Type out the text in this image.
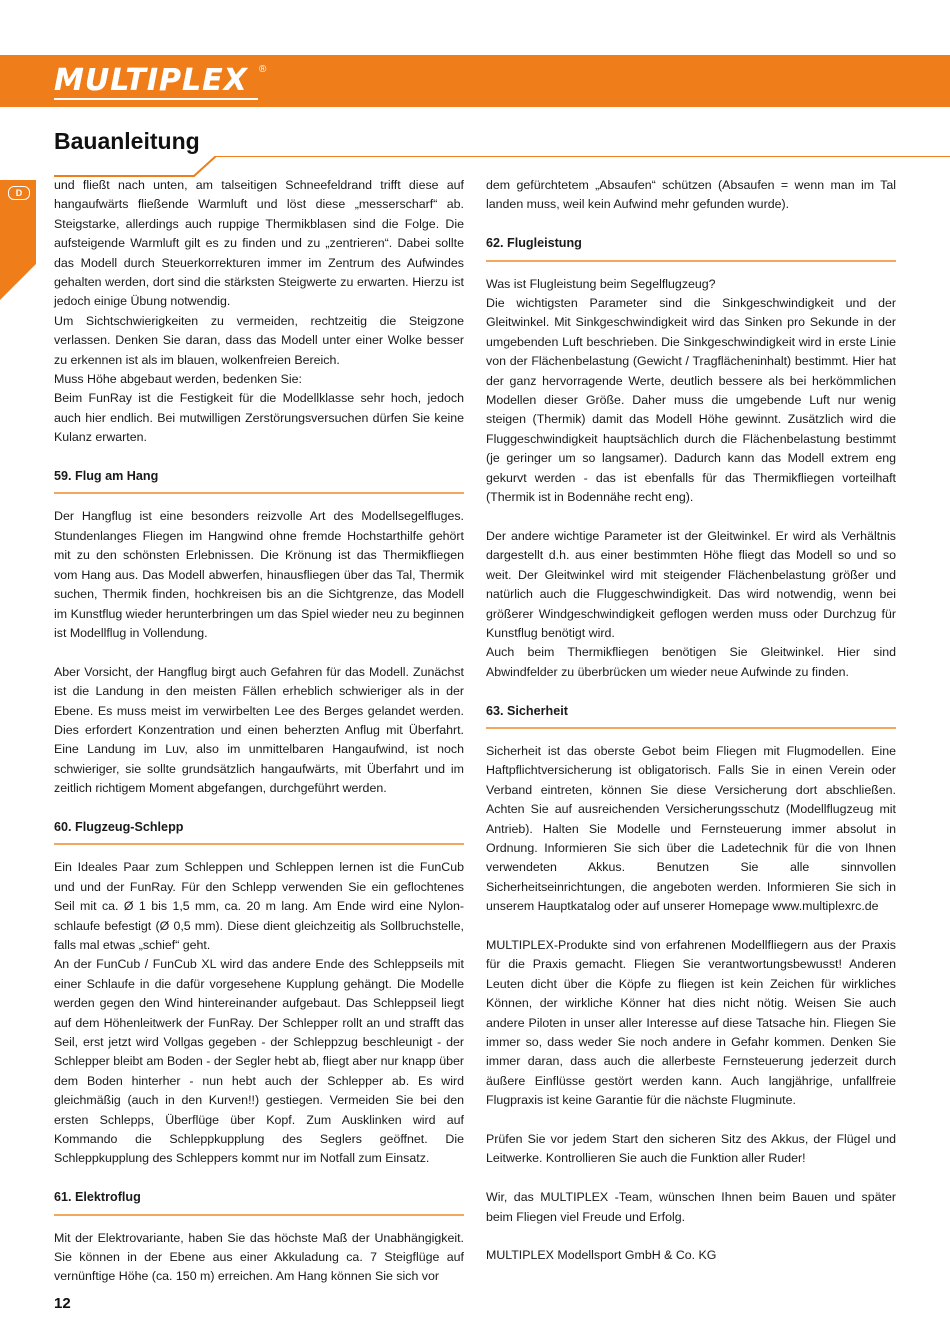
MULTIPLEX ®
Bauanleitung
D

und fließt nach unten, am talseitigen Schneefeldrand trifft diese auf hangaufwärts fließende Warmluft und löst diese „messerscharf“ ab. Steigstarke, allerdings auch ruppige Thermikblasen sind die Folge. Die aufsteigende Warmluft gilt es zu finden und zu „zentrieren“. Dabei sollte das Modell durch Steuerkorrekturen immer im Zentrum des Aufwindes gehalten werden, dort sind die stärksten Steigwerte zu erwarten. Hierzu ist jedoch einige Übung notwendig.

Um Sichtschwierigkeiten zu vermeiden, rechtzeitig die Steigzone verlassen. Denken Sie daran, dass das Modell unter einer Wolke besser zu erkennen ist als im blauen, wolkenfreien Bereich.

Muss Höhe abgebaut werden, bedenken Sie:

Beim FunRay ist die Festigkeit für die Modellklasse sehr hoch, jedoch auch hier endlich. Bei mutwilligen Zerstörungsversuchen dürfen Sie keine Kulanz erwarten.

59. Flug am Hang

Der Hangflug ist eine besonders reizvolle Art des Modellsegelfluges. Stundenlanges Fliegen im Hangwind ohne fremde Hochstarthilfe gehört mit zu den schönsten Erlebnissen. Die Krönung ist das Thermikfliegen vom Hang aus. Das Modell abwerfen, hinausfliegen über das Tal, Thermik suchen, Thermik finden, hochkreisen bis an die Sichtgrenze, das Modell im Kunstflug wieder herunterbringen um das Spiel wieder neu zu beginnen ist Modellflug in Vollendung.

Aber Vorsicht, der Hangflug birgt auch Gefahren für das Modell. Zunächst ist die Landung in den meisten Fällen erheblich schwieriger als in der Ebene. Es muss meist im verwirbelten Lee des Berges gelandet werden. Dies erfordert Konzentration und einen beherzten Anflug mit Überfahrt. Eine Landung im Luv, also im unmittelbaren Hangaufwind, ist noch schwieriger, sie sollte grundsätzlich hangaufwärts, mit Überfahrt und im zeitlich richtigem Moment abgefangen, durchgeführt werden.

60. Flugzeug-Schlepp

Ein Ideales Paar zum Schleppen und Schleppen lernen ist die FunCub und und der FunRay. Für den Schlepp verwenden Sie ein geflochtenes Seil mit ca. Ø 1 bis 1,5 mm, ca. 20 m lang. Am Ende wird eine Nylon-schlaufe befestigt (Ø 0,5 mm). Diese dient gleichzeitig als Sollbruchstelle, falls mal etwas „schief“ geht.

An der FunCub / FunCub XL wird das andere Ende des Schleppseils mit einer Schlaufe in die dafür vorgesehene Kupplung gehängt. Die Modelle werden gegen den Wind hintereinander aufgebaut. Das Schleppseil liegt auf dem Höhenleitwerk der FunRay. Der Schlepper rollt an und strafft das Seil, erst jetzt wird Vollgas gegeben - der Schleppzug beschleunigt - der Schlepper bleibt am Boden - der Segler hebt ab, fliegt aber nur knapp über dem Boden hinterher - nun hebt auch der Schlepper ab. Es wird gleichmäßig (auch in den Kurven!!) gestiegen. Vermeiden Sie bei den ersten Schlepps, Überflüge über Kopf. Zum Ausklinken wird auf Kommando die Schleppkupplung des Seglers geöffnet. Die Schleppkupplung des Schleppers kommt nur im Notfall zum Einsatz.

61. Elektroflug

Mit der Elektrovariante, haben Sie das höchste Maß der Unabhängigkeit. Sie können in der Ebene aus einer Akkuladung ca. 7 Steigflüge auf vernünftige Höhe (ca. 150 m) erreichen. Am Hang können Sie sich vor

dem gefürchtetem „Absaufen“ schützen (Absaufen = wenn man im Tal landen muss, weil kein Aufwind mehr gefunden wurde).

62. Flugleistung

Was ist Flugleistung beim Segelflugzeug?

Die wichtigsten Parameter sind die Sinkgeschwindigkeit und der Gleitwinkel. Mit Sinkgeschwindigkeit wird das Sinken pro Sekunde in der umgebenden Luft beschrieben. Die Sinkgeschwindigkeit wird in erste Linie von der Flächenbelastung (Gewicht / Tragflächeninhalt) bestimmt. Hier hat der ganz hervorragende Werte, deutlich bessere als bei herkömmlichen Modellen dieser Größe. Daher muss die umgebende Luft nur wenig steigen (Thermik) damit das Modell Höhe gewinnt. Zusätzlich wird die Fluggeschwindigkeit hauptsächlich durch die Flächenbelastung bestimmt (je geringer um so langsamer). Dadurch kann das Modell extrem eng gekurvt werden - das ist ebenfalls für das Thermikfliegen vorteilhaft (Thermik ist in Bodennähe recht eng).

Der andere wichtige Parameter ist der Gleitwinkel. Er wird als Verhältnis dargestellt d.h. aus einer bestimmten Höhe fliegt das Modell so und so weit. Der Gleitwinkel wird mit steigender Flächenbelastung größer und natürlich auch die Fluggeschwindigkeit. Das wird notwendig, wenn bei größerer Windgeschwindigkeit geflogen werden muss oder Durchzug für Kunstflug benötigt wird.

Auch beim Thermikfliegen benötigen Sie Gleitwinkel. Hier sind Abwindfelder zu überbrücken um wieder neue Aufwinde zu finden.

63. Sicherheit

Sicherheit ist das oberste Gebot beim Fliegen mit Flugmodellen. Eine Haftpflichtversicherung ist obligatorisch. Falls Sie in einen Verein oder Verband eintreten, können Sie diese Versicherung dort abschließen. Achten Sie auf ausreichenden Versicherungsschutz (Modellflugzeug mit Antrieb). Halten Sie Modelle und Fernsteuerung immer absolut in Ordnung. Informieren Sie sich über die Ladetechnik für die von Ihnen verwendeten Akkus. Benutzen Sie alle sinnvollen Sicherheitseinrichtungen, die angeboten werden. Informieren Sie sich in unserem Hauptkatalog oder auf unserer Homepage www.multiplexrc.de

MULTIPLEX-Produkte sind von erfahrenen Modellfliegern aus der Praxis für die Praxis gemacht. Fliegen Sie verantwortungsbewusst! Anderen Leuten dicht über die Köpfe zu fliegen ist kein Zeichen für wirkliches Können, der wirkliche Könner hat dies nicht nötig. Weisen Sie auch andere Piloten in unser aller Interesse auf diese Tatsache hin. Fliegen Sie immer so, dass weder Sie noch andere in Gefahr kommen. Denken Sie immer daran, dass auch die allerbeste Fernsteuerung jederzeit durch äußere Einflüsse gestört werden kann. Auch langjährige, unfallfreie Flugpraxis ist keine Garantie für die nächste Flugminute.

Prüfen Sie vor jedem Start den sicheren Sitz des Akkus, der Flügel und Leitwerke. Kontrollieren Sie auch die Funktion aller Ruder!

Wir, das MULTIPLEX -Team, wünschen Ihnen beim Bauen und später beim Fliegen viel Freude und Erfolg.

MULTIPLEX Modellsport GmbH & Co. KG

12
